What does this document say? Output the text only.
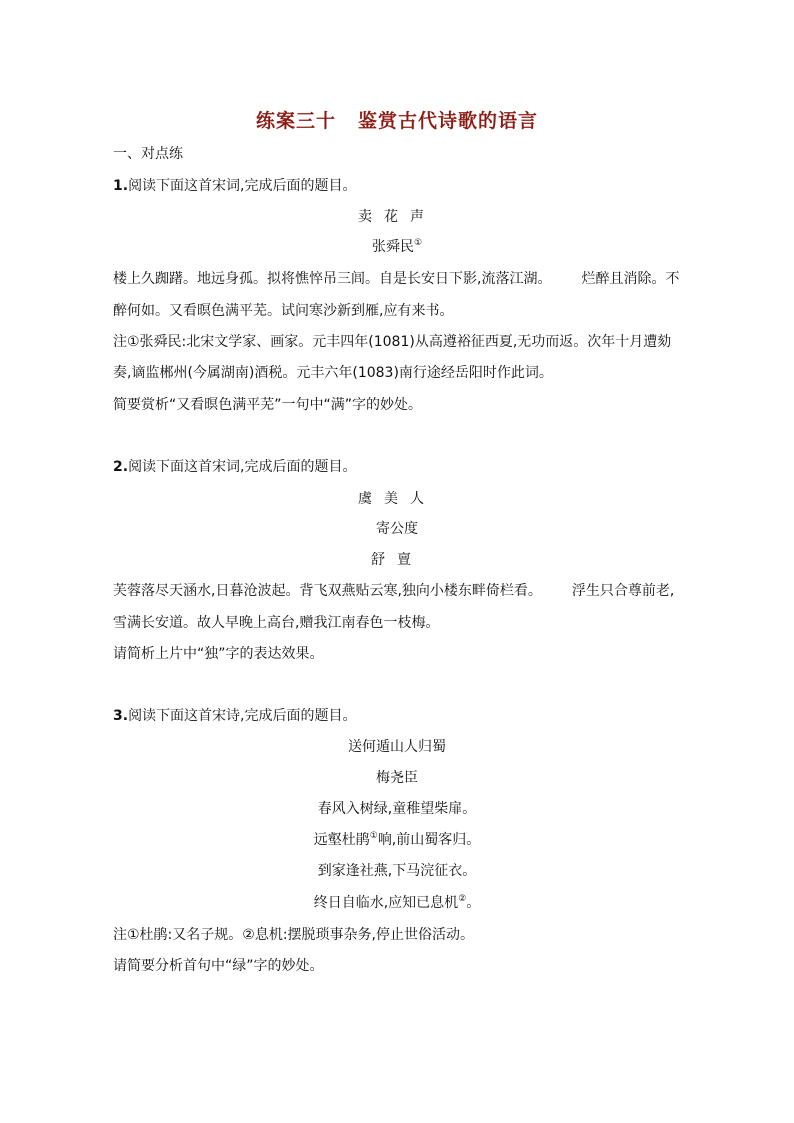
练案三十 鉴赏古代诗歌的语言
一、对点练
1.阅读下面这首宋词,完成后面的题目。
卖花声
张舜民①
楼上久踟躇。地远身孤。拟将憔悴吊三闾。自是长安日下影,流落江湖。 烂醉且消除。不
醉何如。又看暝色满平芜。试问寒沙新到雁,应有来书。
注①张舜民:北宋文学家、画家。元丰四年(1081)从高遵裕征西夏,无功而返。次年十月遭劾
奏,谪监郴州(今属湖南)酒税。元丰六年(1083)南行途经岳阳时作此词。
简要赏析“又看暝色满平芜”一句中“满”字的妙处。
2.阅读下面这首宋词,完成后面的题目。
虞美人
寄公度
舒亶
芙蓉落尽天涵水,日暮沧波起。背飞双燕贴云寒,独向小楼东畔倚栏看。 浮生只合尊前老,
雪满长安道。故人早晚上高台,赠我江南春色一枝梅。
请简析上片中“独”字的表达效果。
3.阅读下面这首宋诗,完成后面的题目。
送何遁山人归蜀
梅尧臣
春风入树绿,童稚望柴扉。
远壑杜鹃①响,前山蜀客归。
到家逢社燕,下马浣征衣。
终日自临水,应知已息机②。
注①杜鹃:又名子规。②息机:摆脱琐事杂务,停止世俗活动。
请简要分析首句中“绿”字的妙处。
